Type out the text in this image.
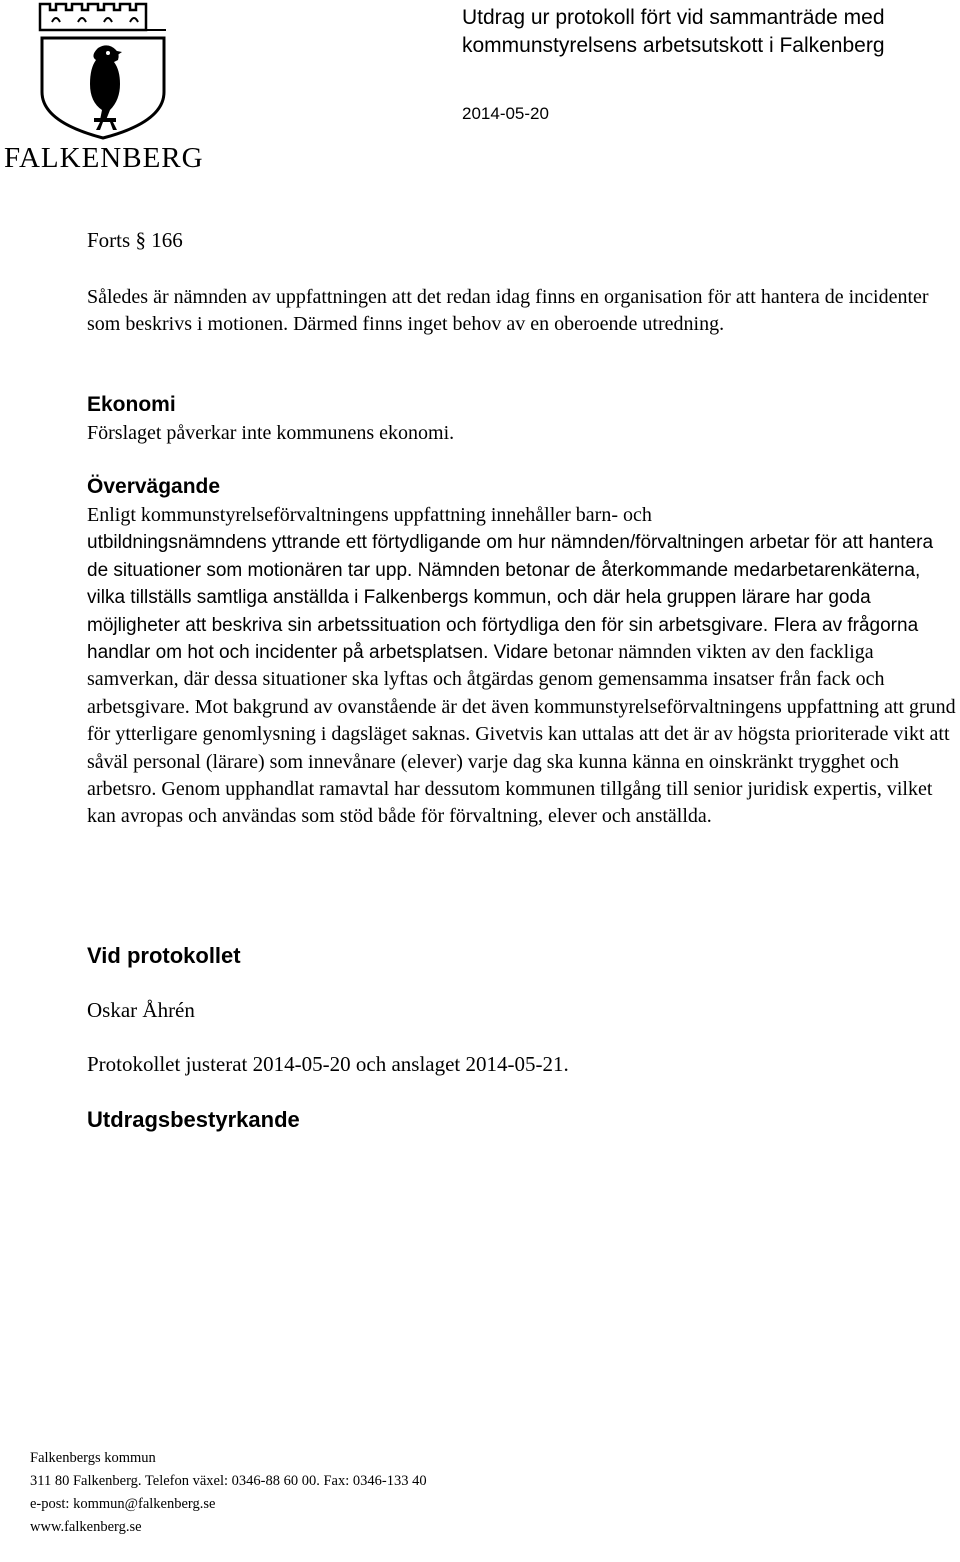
FALKENBERG
Utdrag ur protokoll fört vid sammanträde med
kommunstyrelsens arbetsutskott i Falkenberg
2014-05-20
Forts § 166
Således är nämnden av uppfattningen att det redan idag finns en organisation för att hantera de incidenter som beskrivs i motionen. Därmed finns inget behov av en oberoende utredning.
Ekonomi
Förslaget påverkar inte kommunens ekonomi.
Övervägande
Enligt kommunstyrelseförvaltningens uppfattning innehåller barn- och
utbildningsnämndens yttrande ett förtydligande om hur nämnden/förvaltningen arbetar för att hantera de situationer som motionären tar upp. Nämnden betonar de återkommande medarbetarenkäterna, vilka tillställs samtliga anställda i Falkenbergs kommun, och där hela gruppen lärare har goda möjligheter att beskriva sin arbetssituation och förtydliga den för sin arbetsgivare. Flera av frågorna handlar om hot och incidenter på arbetsplatsen. Vidare betonar nämnden vikten av den fackliga samverkan, där dessa situationer ska lyftas och åtgärdas genom gemensamma insatser från fack och arbetsgivare. Mot bakgrund av ovanstående är det även kommunstyrelseförvaltningens uppfattning att grund för ytterligare genomlysning i dagsläget saknas. Givetvis kan uttalas att det är av högsta prioriterade vikt att såväl personal (lärare) som innevånare (elever) varje dag ska kunna känna en oinskränkt trygghet och arbetsro. Genom upphandlat ramavtal har dessutom kommunen tillgång till senior juridisk expertis, vilket kan avropas och användas som stöd både för förvaltning, elever och anställda.
Vid protokollet
Oskar Åhrén
Protokollet justerat 2014-05-20 och anslaget 2014-05-21.
Utdragsbestyrkande
Falkenbergs kommun
311 80 Falkenberg. Telefon växel: 0346-88 60 00. Fax: 0346-133 40
e-post: kommun@falkenberg.se
www.falkenberg.se
